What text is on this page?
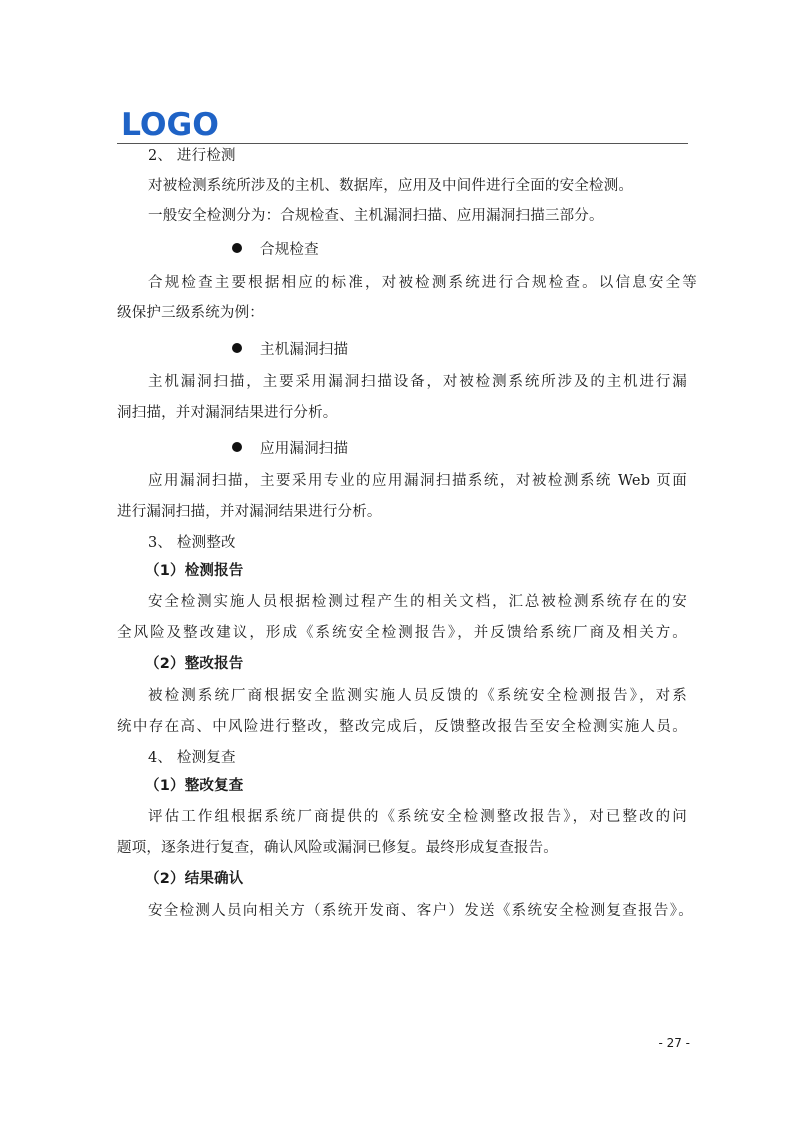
LOGO
2、 进行检测
对被检测系统所涉及的主机、数据库，应用及中间件进行全面的安全检测。
一般安全检测分为：合规检查、主机漏洞扫描、应用漏洞扫描三部分。
合规检查
合规检查主要根据相应的标准，对被检测系统进行合规检查。以信息安全等
级保护三级系统为例：
主机漏洞扫描
主机漏洞扫描，主要采用漏洞扫描设备，对被检测系统所涉及的主机进行漏
洞扫描，并对漏洞结果进行分析。
应用漏洞扫描
应用漏洞扫描，主要采用专业的应用漏洞扫描系统，对被检测系统 Web 页面
进行漏洞扫描，并对漏洞结果进行分析。
3、 检测整改
（1）检测报告
安全检测实施人员根据检测过程产生的相关文档，汇总被检测系统存在的安
全风险及整改建议，形成《系统安全检测报告》，并反馈给系统厂商及相关方。
（2）整改报告
被检测系统厂商根据安全监测实施人员反馈的《系统安全检测报告》，对系
统中存在高、中风险进行整改，整改完成后，反馈整改报告至安全检测实施人员。
4、 检测复查
（1）整改复查
评估工作组根据系统厂商提供的《系统安全检测整改报告》，对已整改的问
题项，逐条进行复查，确认风险或漏洞已修复。最终形成复查报告。
（2）结果确认
安全检测人员向相关方（系统开发商、客户）发送《系统安全检测复查报告》。
- 27 -
